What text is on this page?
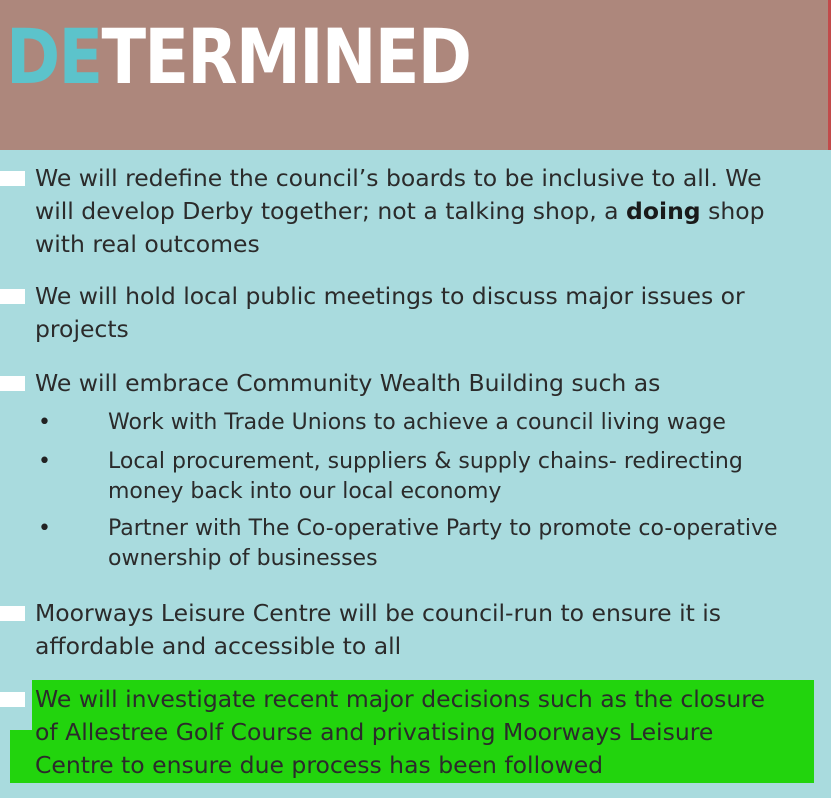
DETERMINED
We will redefine the council’s boards to be inclusive to all. We
will develop Derby together; not a talking shop, a doing shop
with real outcomes
We will hold local public meetings to discuss major issues or
projects
We will embrace Community Wealth Building such as
•	Work with Trade Unions to achieve a council living wage
•	Local procurement, suppliers & supply chains- redirecting
money back into our local economy
•	Partner with The Co-operative Party to promote co-operative
ownership of businesses
Moorways Leisure Centre will be council-run to ensure it is
affordable and accessible to all
We will investigate recent major decisions such as the closure
of Allestree Golf Course and privatising Moorways Leisure
Centre to ensure due process has been followed
